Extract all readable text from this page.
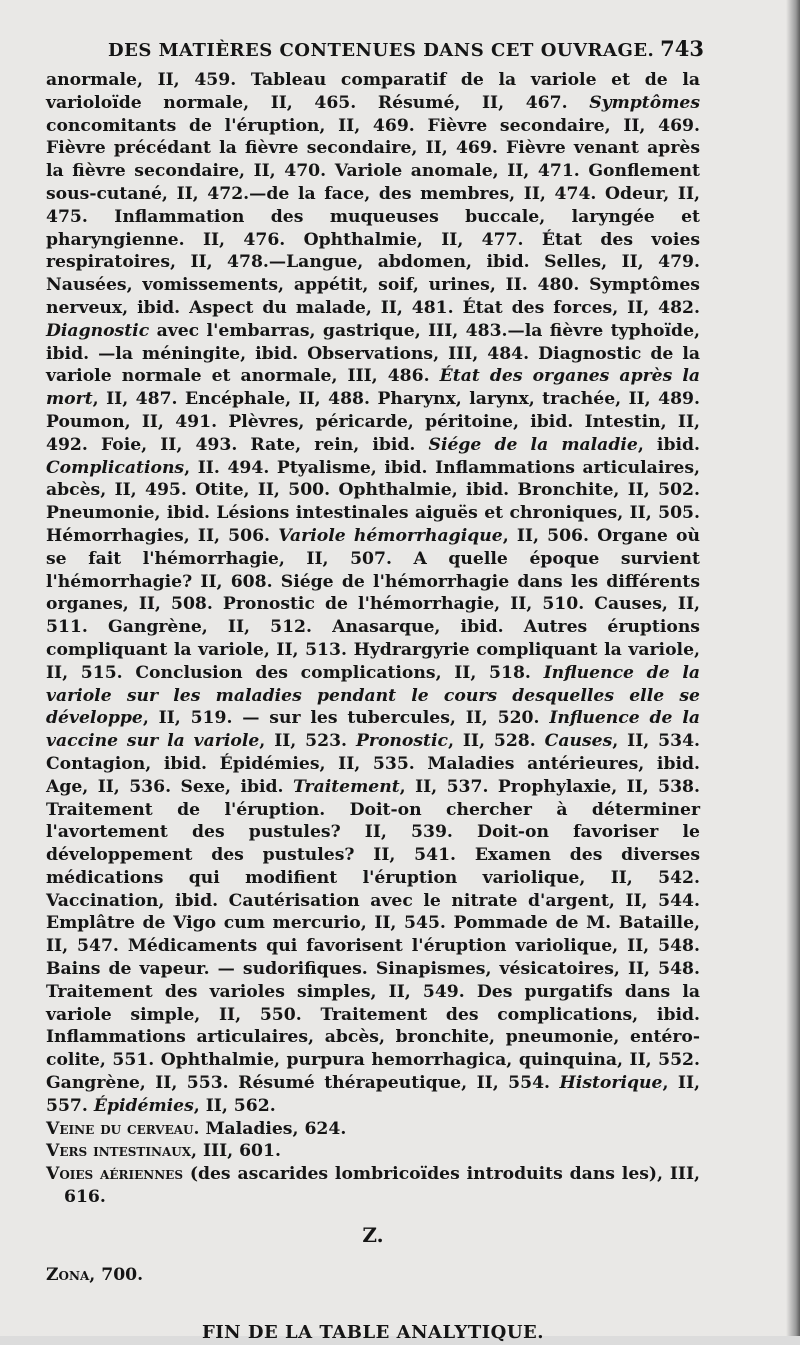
DES MATIÈRES CONTENUES DANS CET OUVRAGE. 743

anormale, II, 459. Tableau comparatif de la variole et de la varioloïde normale, II, 465. Résumé, II, 467. Symptômes concomitants de l'éruption, II, 469. Fièvre secondaire, II, 469. Fièvre précédant la fièvre secondaire, II, 469. Fièvre venant après la fièvre secondaire, II, 470. Variole anomale, II, 471. Gonflement sous-cutané, II, 472.—de la face, des membres, II, 474. Odeur, II, 475. Inflammation des muqueuses buccale, laryngée et pharyngienne. II, 476. Ophthalmie, II, 477. État des voies respiratoires, II, 478.—Langue, abdomen, ibid. Selles, II, 479. Nausées, vomissements, appétit, soif, urines, II. 480. Symptômes nerveux, ibid. Aspect du malade, II, 481. État des forces, II, 482. Diagnostic avec l'embarras, gastrique, III, 483.—la fièvre typhoïde, ibid. —la méningite, ibid. Observations, III, 484. Diagnostic de la variole normale et anormale, III, 486. État des organes après la mort, II, 487. Encéphale, II, 488. Pharynx, larynx, trachée, II, 489. Poumon, II, 491. Plèvres, péricarde, péritoine, ibid. Intestin, II, 492. Foie, II, 493. Rate, rein, ibid. Siége de la maladie, ibid. Complications, II. 494. Ptyalisme, ibid. Inflammations articulaires, abcès, II, 495. Otite, II, 500. Ophthalmie, ibid. Bronchite, II, 502. Pneumonie, ibid. Lésions intestinales aiguës et chroniques, II, 505. Hémorrhagies, II, 506. Variole hémorrhagique, II, 506. Organe où se fait l'hémorrhagie, II, 507. A quelle époque survient l'hémorrhagie? II, 608. Siége de l'hémorrhagie dans les différents organes, II, 508. Pronostic de l'hémorrhagie, II, 510. Causes, II, 511. Gangrène, II, 512. Anasarque, ibid. Autres éruptions compliquant la variole, II, 513. Hydrargyrie compliquant la variole, II, 515. Conclusion des complications, II, 518. Influence de la variole sur les maladies pendant le cours desquelles elle se développe, II, 519. — sur les tubercules, II, 520. Influence de la vaccine sur la variole, II, 523. Pronostic, II, 528. Causes, II, 534. Contagion, ibid. Épidémies, II, 535. Maladies antérieures, ibid. Age, II, 536. Sexe, ibid. Traitement, II, 537. Prophylaxie, II, 538. Traitement de l'éruption. Doit-on chercher à déterminer l'avortement des pustules? II, 539. Doit-on favoriser le développement des pustules? II, 541. Examen des diverses médications qui modifient l'éruption variolique, II, 542. Vaccination, ibid. Cautérisation avec le nitrate d'argent, II, 544. Emplâtre de Vigo cum mercurio, II, 545. Pommade de M. Bataille, II, 547. Médicaments qui favorisent l'éruption variolique, II, 548. Bains de vapeur. — sudorifiques. Sinapismes, vésicatoires, II, 548. Traitement des varioles simples, II, 549. Des purgatifs dans la variole simple, II, 550. Traitement des complications, ibid. Inflammations articulaires, abcès, bronchite, pneumonie, entéro-colite, 551. Ophthalmie, purpura hemorrhagica, quinquina, II, 552. Gangrène, II, 553. Résumé thérapeutique, II, 554. Historique, II, 557. Épidémies, II, 562.

Veine du cerveau. Maladies, 624.

Vers intestinaux, III, 601.

Voies aériennes (des ascarides lombricoïdes introduits dans les), III, 616.

Z.

Zona, 700.

FIN DE LA TABLE ANALYTIQUE.
